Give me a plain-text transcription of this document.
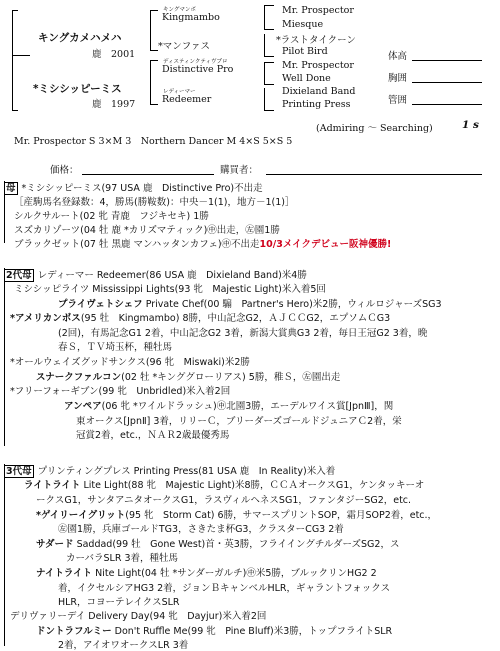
キングカメハメハ
鹿　2001
キングマンボ
Kingmambo
*マンファス
Mr. Prospector
Miesque
*ラストタイクーン
Pilot Bird
*ミシシッピーミス
鹿　1997
ディスティンクティヴプロ
Distinctive Pro
レディーマー
Redeemer
Mr. Prospector
Well Done
Dixieland Band
Printing Press
体高
胸囲
管囲
(Admiring ～ Searching)	1 s
Mr. Prospector S 3×M 3　Northern Dancer M 4×S 5×S 5
価格：	購買者：
母 *ミシシッピーミス(97 USA 鹿　Distinctive Pro)不出走
［産駒馬名登録数：4，勝馬(勝鞍数)：中央－1(1)，地方－1(1)］
シルクサルート(02 牝 青鹿　フジキセキ) 1勝
スズカリゾーツ(04 牡 鹿 *カリズマティック)㊥出走，㊧園1勝
ブラックゼット(07 牡 黒鹿 マンハッタンカフェ)㊥不出走10/3メイクデビュー阪神優勝!
2代母 レディーマー Redeemer(86 USA 鹿　Dixieland Band)米4勝
ミシシッピライツ Mississippi Lights(93 牝　Majestic Light)米入着5回
プライヴェトシェフ Private Chef(00 騸　Partner's Hero)米2勝，ウィルロジャーズSG3
*アメリカンボス(95 牡　Kingmambo) 8勝，中山記念G2，ＡＪＣＣG2，エプソムＣG3
(2回)，有馬記念G1 2着，中山記念G2 3着，新潟大賞典G3 2着，毎日王冠G2 3着，晩
春Ｓ，ＴＶ埼玉杯，種牡馬
*オールウェイズグッドサンクス(96 牝　Miswaki)米2勝
スナークファルコン(02 牡 *キンググローリアス) 5勝，稚Ｓ，㊧園出走
*フリーフォーギブン(99 牝　Unbridled)米入着2回
アンペア(06 牝 *ワイルドラッシュ)㊥北園3勝，エーデルワイス賞[JpnⅢ]，関
東オークス[JpnⅡ] 3着，リリーＣ，ブリーダーズゴールドジュニアＣ2着，栄
冠賞2着，etc.，ＮＡＲ2歳最優秀馬
3代母 プリンティングプレス Printing Press(81 USA 鹿　In Reality)米入着
ライトライト Lite Light(88 牝　Majestic Light)米8勝，ＣＣＡオークスG1，ケンタッキーオ
ークスG1，サンタアニタオークスG1，ラスヴィルヘネスSG1，ファンタジーSG2，etc.
*ゲイリーイグリット(95 牝　Storm Cat) 6勝，サマースプリントSOP，霜月SOP2着，etc.，
㊧園1勝，兵庫ゴールドTG3，さきたま杯G3，クラスターCG3 2着
サダード Saddad(99 牡　Gone West)首・英3勝，フライイングチルダーズSG2，ス
カーバラSLR 3着，種牡馬
ナイトライト Nite Light(04 牡 *サンダーガルチ)㊥米5勝，ブルックリンHG2 2
着，イクセルシアHG3 2着，ジョンＢキャンベルHLR，ギャラントフォックス
HLR，コヨーテレイクスSLR
デリヴァリーデイ Delivery Day(94 牝　Dayjur)米入着2回
ドントラフルミー Don't Ruffle Me(99 牝　Pine Bluff)米3勝，トップフライトSLR
2着，アイオワオークスLR 3着
